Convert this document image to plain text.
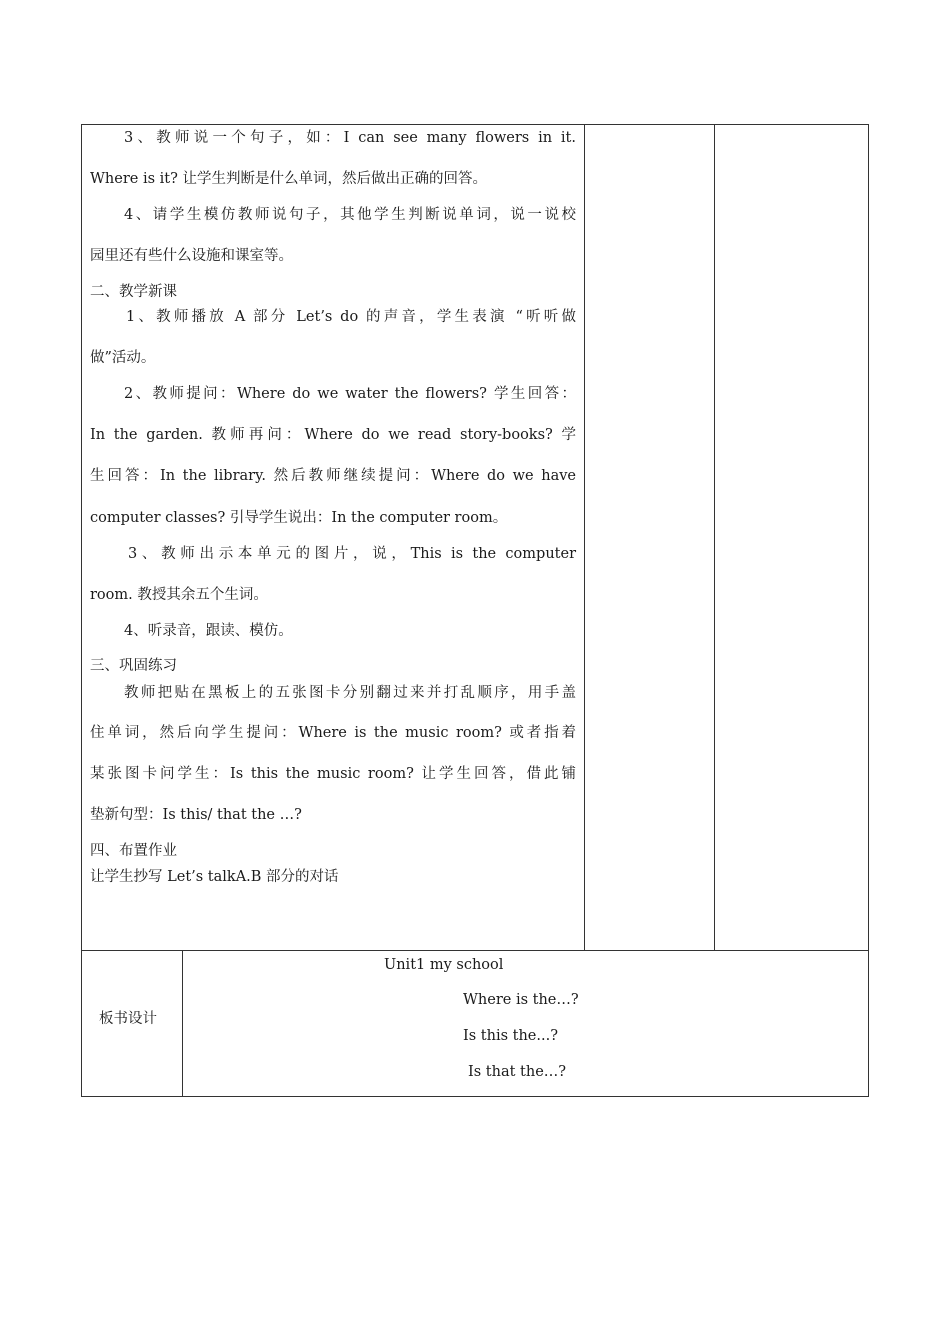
3、教师说一个句子，如：I can see many flowers in it.
Where is it? 让学生判断是什么单词，然后做出正确的回答。
4、请学生模仿教师说句子，其他学生判断说单词，说一说校
园里还有些什么设施和课室等。
二、教学新课
1、教师播放 A 部分 Let’s do 的声音，学生表演 “听听做
做”活动。
2、教师提问：Where do we water the flowers? 学生回答：
In the garden. 教师再问：Where do we read story-books? 学
生回答：In the library. 然后教师继续提问：Where do we have
computer classes? 引导学生说出：In the computer room。
3、教师出示本单元的图片，说，This is the computer
room. 教授其余五个生词。
4、听录音，跟读、模仿。
三、巩固练习
教师把贴在黑板上的五张图卡分别翻过来并打乱顺序，用手盖
住单词，然后向学生提问：Where is the music room? 或者指着
某张图卡问学生：Is this the music room? 让学生回答，借此铺
垫新句型：Is this/ that the …?
四、布置作业
让学生抄写 Let’s talkA.B 部分的对话
板书设计
Unit1 my school
Where is the…?
Is this the...?
Is that the…?
